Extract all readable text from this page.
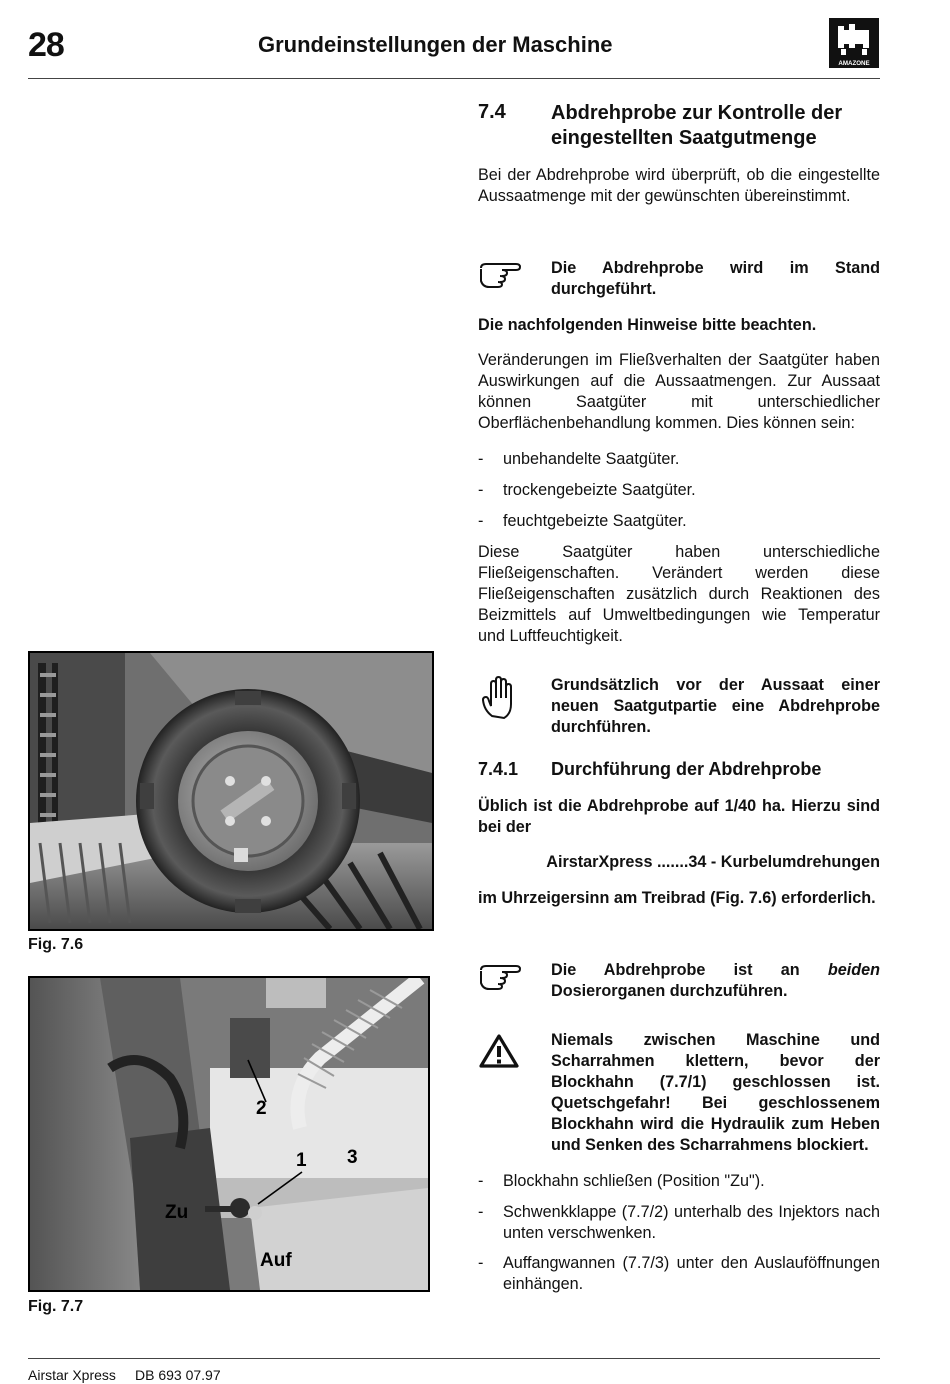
28	Grundeinstellungen der Maschine
AMAZONE
7.4 Abdrehprobe zur Kontrolle der eingestellten Saatgutmenge
Bei der Abdrehprobe wird überprüft, ob die eingestellte Aussaatmenge mit der gewünschten übereinstimmt.
Die Abdrehprobe wird im Stand durchgeführt.
Die nachfolgenden Hinweise bitte beachten.
Veränderungen im Fließverhalten der Saatgüter haben Auswirkungen auf die Aussaatmengen. Zur Aussaat können Saatgüter mit unterschiedlicher Oberflächenbehandlung kommen. Dies können sein:
- unbehandelte Saatgüter.
- trockengebeizte Saatgüter.
- feuchtgebeizte Saatgüter.
Diese Saatgüter haben unterschiedliche Fließeigenschaften. Verändert werden diese Fließeigenschaften zusätzlich durch Reaktionen des Beizmittels auf Umweltbedingungen wie Temperatur und Luftfeuchtigkeit.
Grundsätzlich vor der Aussaat einer neuen Saatgutpartie eine Abdrehprobe durchführen.
7.4.1 Durchführung der Abdrehprobe
Üblich ist die Abdrehprobe auf 1/40 ha. Hierzu sind bei der
AirstarXpress .......34 - Kurbelumdrehungen
im Uhrzeigersinn am Treibrad (Fig. 7.6) erforderlich.
Die Abdrehprobe ist an beiden Dosierorganen durchzuführen.
Niemals zwischen Maschine und Scharrahmen klettern, bevor der Blockhahn (7.7/1) geschlossen ist. Quetschgefahr! Bei geschlossenem Blockhahn wird die Hydraulik zum Heben und Senken des Scharrahmens blockiert.
- Blockhahn schließen (Position "Zu").
- Schwenkklappe (7.7/2) unterhalb des Injektors nach unten verschwenken.
- Auffangwannen (7.7/3) unter den Auslauföffnungen einhängen.
Fig. 7.6
2
1 3
Zu
Auf
Fig. 7.7
Airstar Xpress DB 693 07.97
